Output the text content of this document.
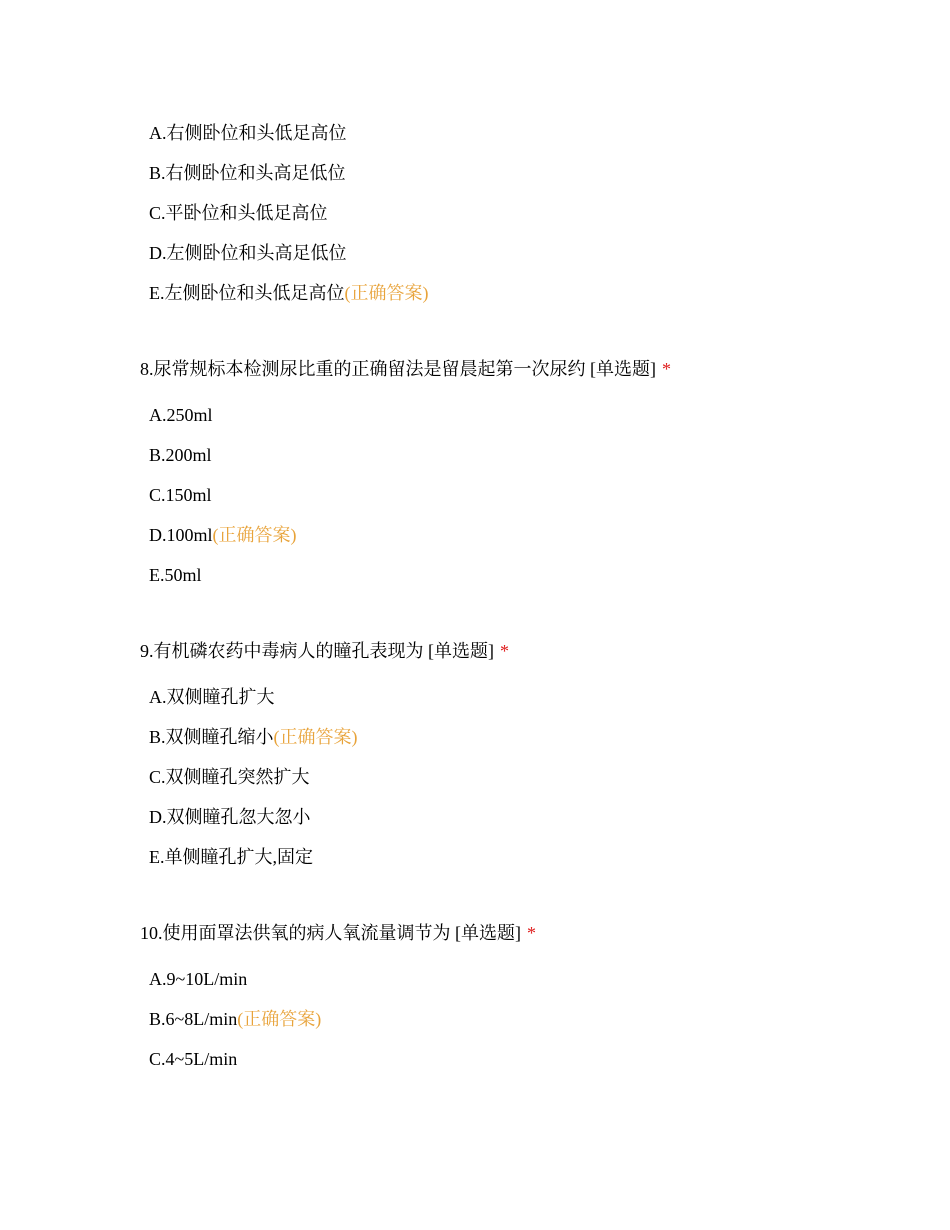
A.右侧卧位和头低足高位
B.右侧卧位和头高足低位
C.平卧位和头低足高位
D.左侧卧位和头高足低位
E.左侧卧位和头低足高位(正确答案)
8.尿常规标本检测尿比重的正确留法是留晨起第一次尿约 [单选题] *
A.250ml
B.200ml
C.150ml
D.100ml(正确答案)
E.50ml
9.有机磷农药中毒病人的瞳孔表现为 [单选题] *
A.双侧瞳孔扩大
B.双侧瞳孔缩小(正确答案)
C.双侧瞳孔突然扩大
D.双侧瞳孔忽大忽小
E.单侧瞳孔扩大,固定
10.使用面罩法供氧的病人氧流量调节为 [单选题] *
A.9~10L/min
B.6~8L/min(正确答案)
C.4~5L/min
